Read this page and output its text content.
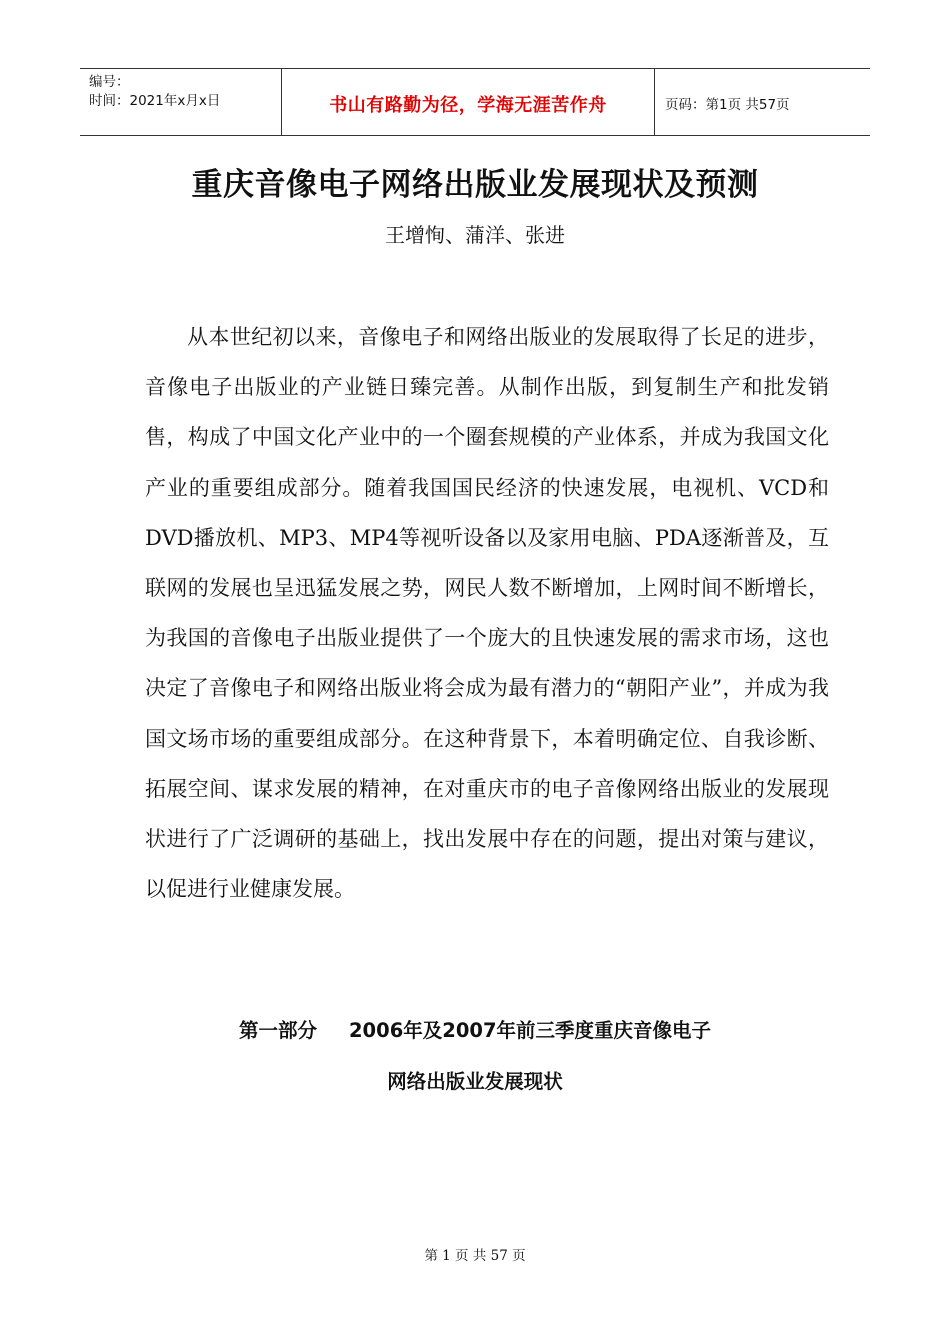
编号：
时间：2021年x月x日	书山有路勤为径，学海无涯苦作舟	页码：第1页 共57页
重庆音像电子网络出版业发展现状及预测
王增恂、蒲洋、张进

从本世纪初以来，音像电子和网络出版业的发展取得了长足的进步，音像电子出版业的产业链日臻完善。从制作出版，到复制生产和批发销售，构成了中国文化产业中的一个圈套规模的产业体系，并成为我国文化产业的重要组成部分。随着我国国民经济的快速发展，电视机、VCD和DVD播放机、MP3、MP4等视听设备以及家用电脑、PDA逐渐普及，互联网的发展也呈迅猛发展之势，网民人数不断增加，上网时间不断增长，为我国的音像电子出版业提供了一个庞大的且快速发展的需求市场，这也决定了音像电子和网络出版业将会成为最有潜力的“朝阳产业”，并成为我国文场市场的重要组成部分。在这种背景下，本着明确定位、自我诊断、拓展空间、谋求发展的精神，在对重庆市的电子音像网络出版业的发展现状进行了广泛调研的基础上，找出发展中存在的问题，提出对策与建议，以促进行业健康发展。

第一部分 2006年及2007年前三季度重庆音像电子
网络出版业发展现状
第 1 页 共 57 页
